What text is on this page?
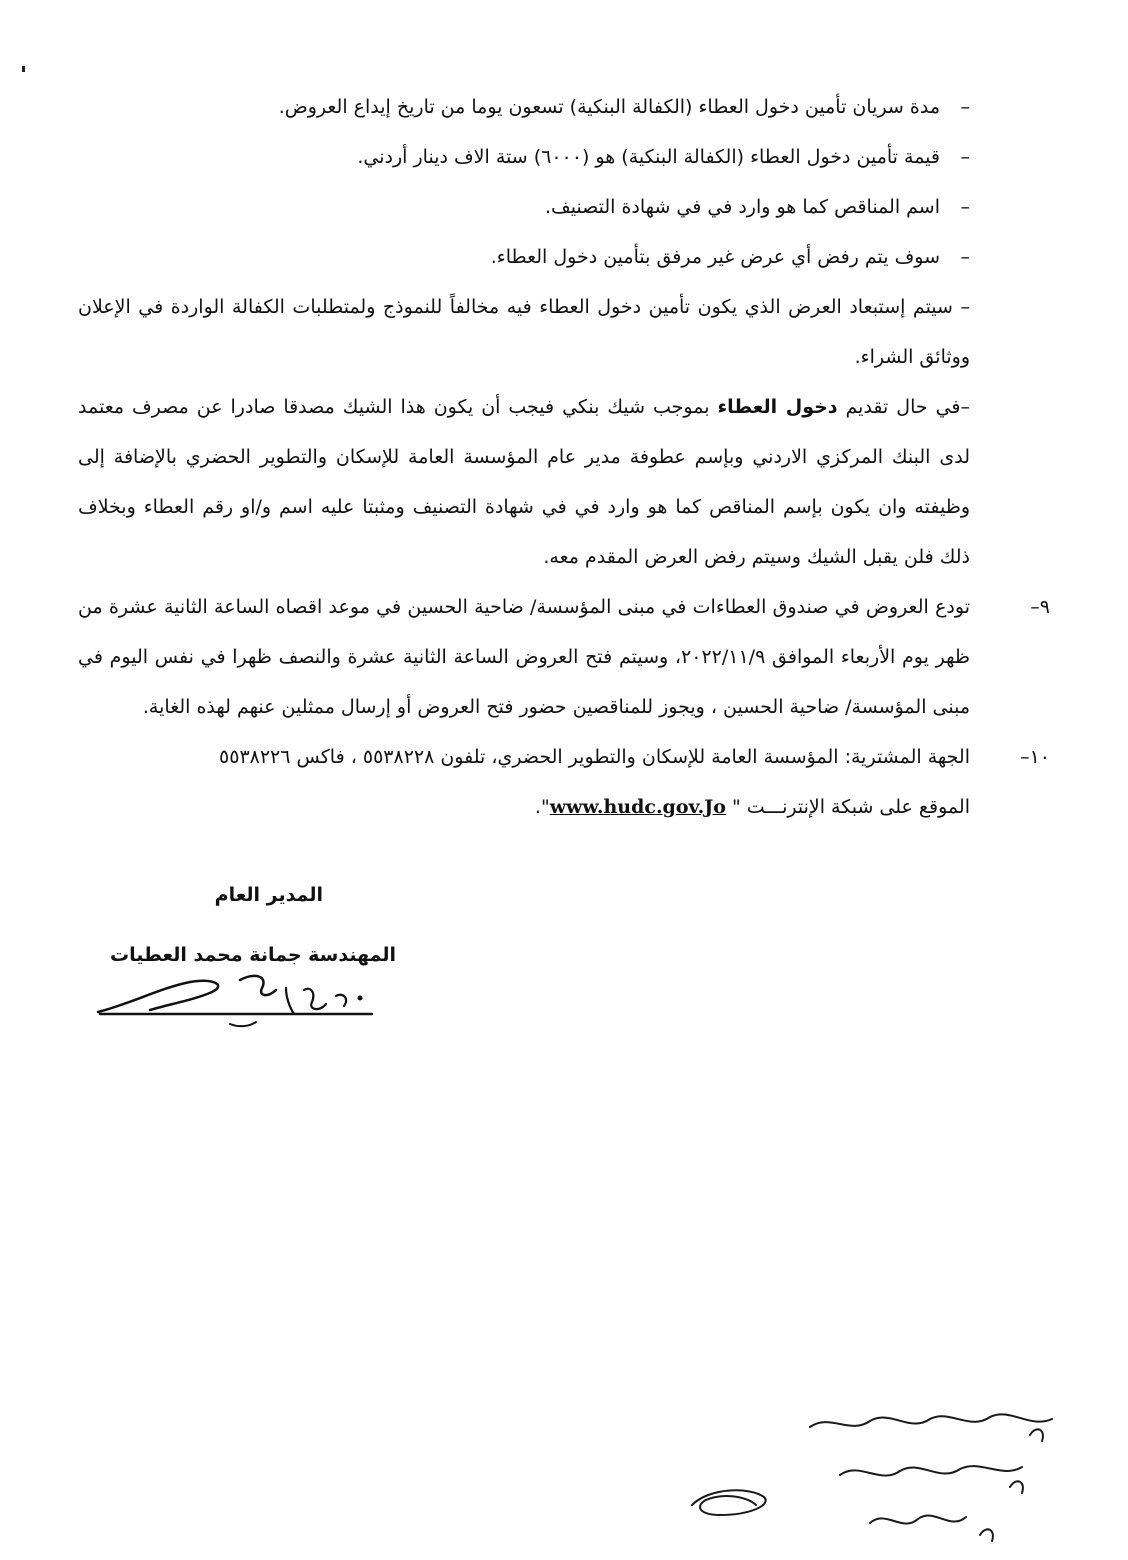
–
مدة سريان تأمين دخول العطاء (الكفالة البنكية) تسعون يوما من تاريخ إيداع العروض.

–
قيمة تأمين دخول العطاء (الكفالة البنكية) هو (٦٠٠٠) ستة الاف دينار أردني.

–
اسم المناقص كما هو وارد في في شهادة التصنيف.

–
سوف يتم رفض أي عرض غير مرفق بتأمين دخول العطاء.

– سيتم إستبعاد العرض الذي يكون تأمين دخول العطاء فيه مخالفاً للنموذج ولمتطلبات الكفالة الواردة في الإعلان ووثائق الشراء.

–في حال تقديم دخول العطاء بموجب شيك بنكي فيجب أن يكون هذا الشيك مصدقا صادرا عن مصرف معتمد لدى البنك المركزي الاردني وبإسم عطوفة مدير عام المؤسسة العامة للإسكان والتطوير الحضري بالإضافة إلى وظيفته وان يكون بإسم المناقص كما هو وارد في في شهادة التصنيف ومثبتا عليه اسم و/او رقم العطاء وبخلاف ذلك فلن يقبل الشيك وسيتم رفض العرض المقدم معه.

٩–
تودع العروض في صندوق العطاءات في مبنى المؤسسة/ ضاحية الحسين في موعد اقصاه الساعة الثانية عشرة من ظهر يوم الأربعاء الموافق ٢٠٢٢/١١/٩، وسيتم فتح العروض الساعة الثانية عشرة والنصف ظهرا في نفس اليوم في مبنى المؤسسة/ ضاحية الحسين ، ويجوز للمناقصين حضور فتح العروض أو إرسال ممثلين عنهم لهذه الغاية.

١٠–
الجهة المشترية: المؤسسة العامة للإسكان والتطوير الحضري، تلفون ٥٥٣٨٢٢٨ ، فاكس ٥٥٣٨٢٢٦
الموقع على شبكة الإنترنـــت " www.hudc.gov.Jo".

المدير العام
المهندسة جمانة محمد العطيات
